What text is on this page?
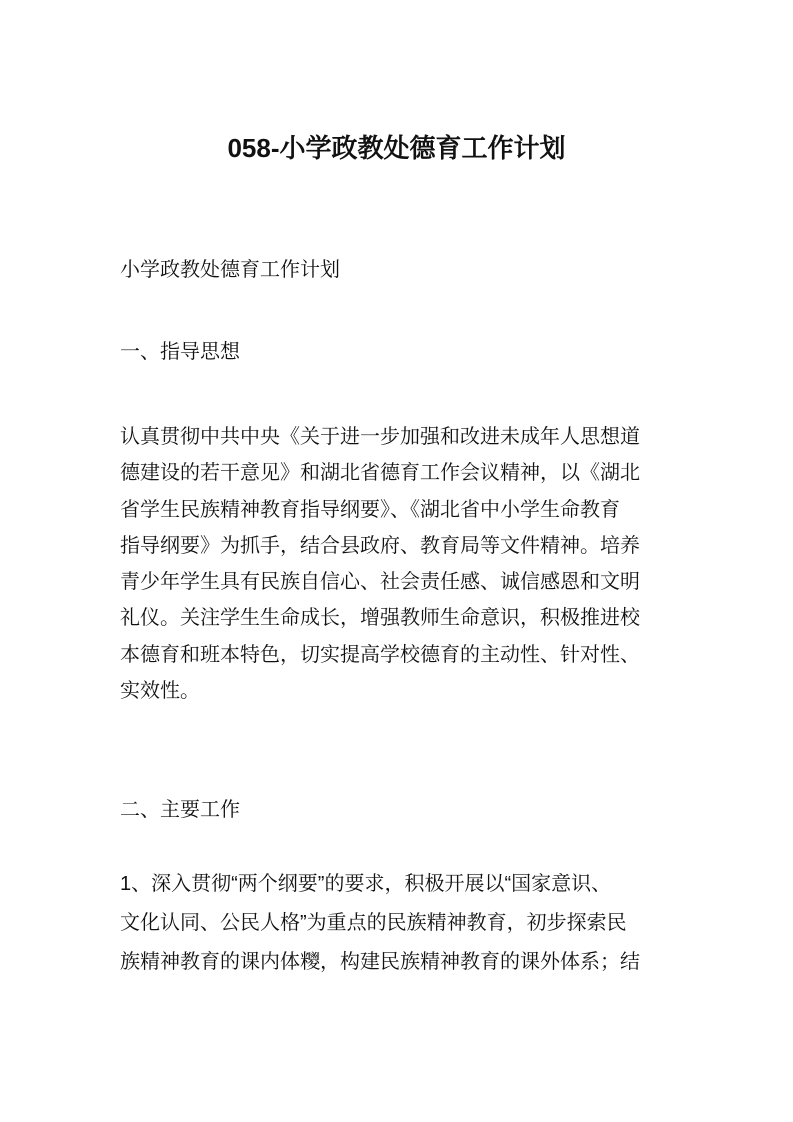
058-小学政教处德育工作计划
小学政教处德育工作计划
一、指导思想
认真贯彻中共中央《关于进一步加强和改进未成年人思想道
德建设的若干意见》和湖北省德育工作会议精神，以《湖北
省学生民族精神教育指导纲要》、《湖北省中小学生命教育
指导纲要》为抓手，结合县政府、教育局等文件精神。培养
青少年学生具有民族自信心、社会责任感、诚信感恩和文明
礼仪。关注学生生命成长，增强教师生命意识，积极推进校
本德育和班本特色，切实提高学校德育的主动性、针对性、
实效性。
二、主要工作
1、深入贯彻“两个纲要”的要求，积极开展以“国家意识、
文化认同、公民人格”为重点的民族精神教育，初步探索民
族精神教育的课内体糭，构建民族精神教育的课外体系；结
